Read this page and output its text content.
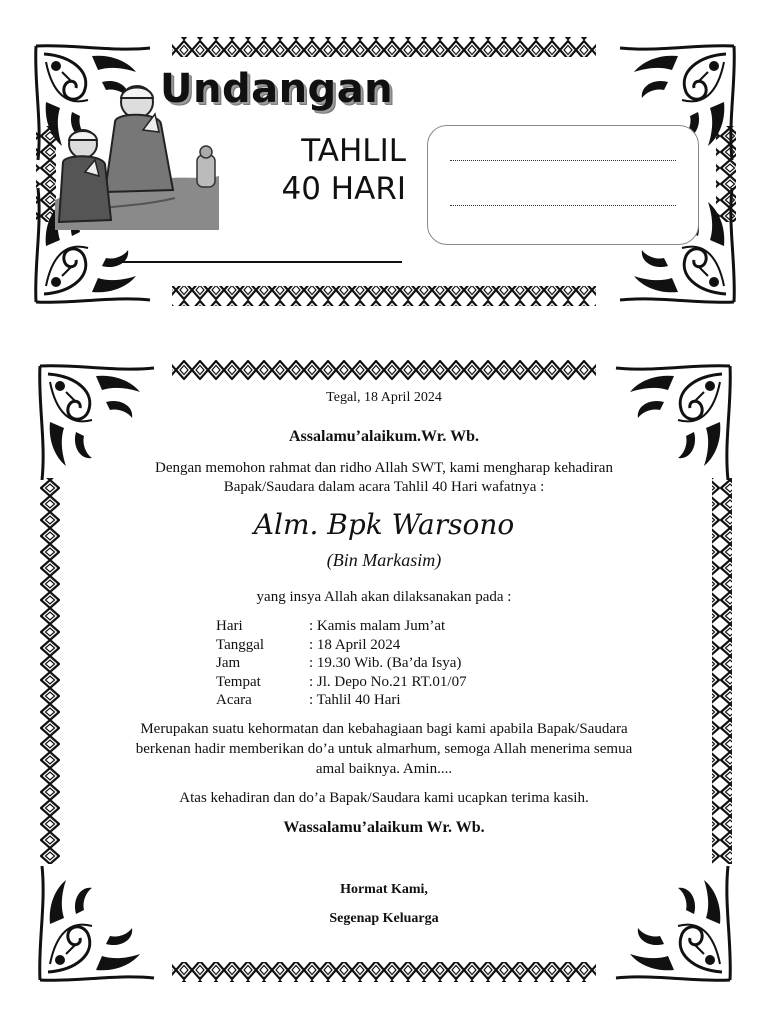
Undangan
TAHLIL
40 HARI
Tegal, 18 April 2024
Assalamu’alaikum.Wr. Wb.
Dengan memohon rahmat dan ridho Allah SWT, kami mengharap kehadiran
Bapak/Saudara dalam acara Tahlil 40 Hari wafatnya :
Alm. Bpk Warsono
(Bin Markasim)
yang insya Allah akan dilaksanakan pada :
Hari	: Kamis malam Jum’at
Tanggal	: 18 April 2024
Jam	: 19.30 Wib. (Ba’da Isya)
Tempat	: Jl. Depo No.21 RT.01/07
Acara	: Tahlil 40 Hari
Merupakan suatu kehormatan dan kebahagiaan bagi kami apabila Bapak/Saudara
berkenan hadir memberikan do’a untuk almarhum, semoga Allah menerima semua
amal baiknya. Amin....
Atas kehadiran dan do’a Bapak/Saudara kami ucapkan terima kasih.
Wassalamu’alaikum Wr. Wb.
Hormat Kami,
Segenap Keluarga
